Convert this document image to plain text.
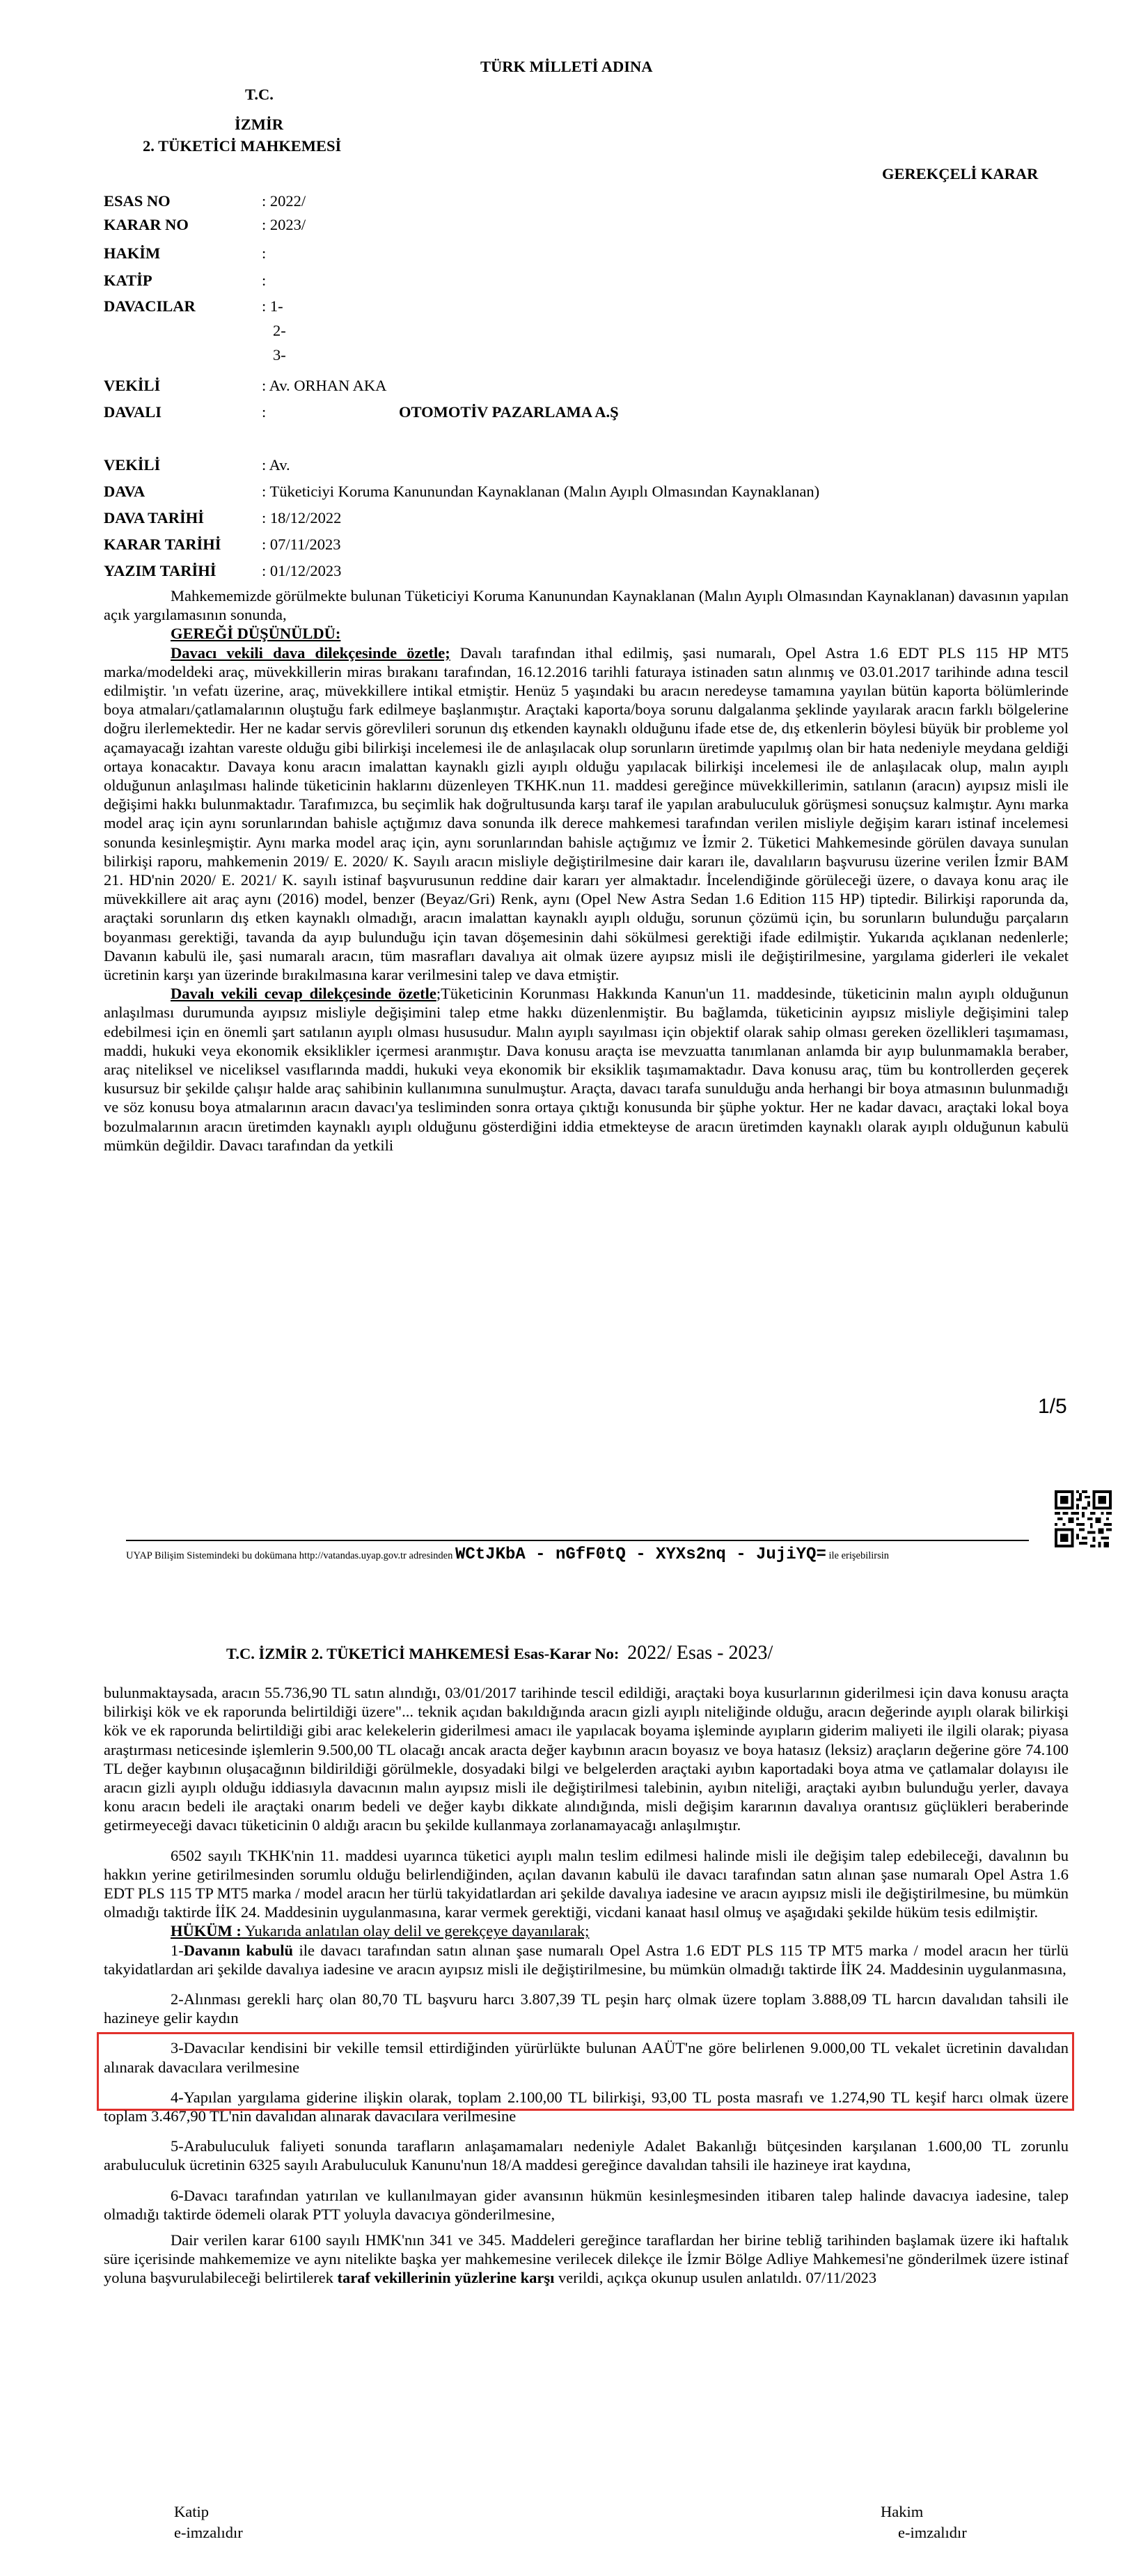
TÜRK MİLLETİ ADINA
T.C.
İZMİR
2. TÜKETİCİ MAHKEMESİ
GEREKÇELİ KARAR
ESAS NO	: 2022/
KARAR NO	: 2023/
HAKİM	:
KATİP	:
DAVACILAR	: 1-
2-
3-
VEKİLİ	: Av. ORHAN AKA
DAVALI	:	OTOMOTİV PAZARLAMA A.Ş
VEKİLİ	: Av.
DAVA	: Tüketiciyi Koruma Kanunundan Kaynaklanan (Malın Ayıplı Olmasından Kaynaklanan)
DAVA TARİHİ	: 18/12/2022
KARAR TARİHİ	: 07/11/2023
YAZIM TARİHİ	: 01/12/2023

Mahkememizde görülmekte bulunan Tüketiciyi Koruma Kanunundan Kaynaklanan (Malın Ayıplı Olmasından Kaynaklanan) davasının yapılan açık yargılamasının sonunda,

GEREĞİ DÜŞÜNÜLDÜ:

Davacı vekili dava dilekçesinde özetle; Davalı tarafından ithal edilmiş, şasi numaralı, Opel Astra 1.6 EDT PLS 115 HP MT5 marka/modeldeki araç, müvekkillerin miras bırakanı tarafından, 16.12.2016 tarihli faturaya istinaden satın alınmış ve 03.01.2017 tarihinde adına tescil edilmiştir. 'ın vefatı üzerine, araç, müvekkillere intikal etmiştir. Henüz 5 yaşındaki bu aracın neredeyse tamamına yayılan bütün kaporta bölümlerinde boya atmaları/çatlamalarının oluştuğu fark edilmeye başlanmıştır. Araçtaki kaporta/boya sorunu dalgalanma şeklinde yayılarak aracın farklı bölgelerine doğru ilerlemektedir. Her ne kadar servis görevlileri sorunun dış etkenden kaynaklı olduğunu ifade etse de, dış etkenlerin böylesi büyük bir probleme yol açamayacağı izahtan vareste olduğu gibi bilirkişi incelemesi ile de anlaşılacak olup sorunların üretimde yapılmış olan bir hata nedeniyle meydana geldiği ortaya konacaktır. Davaya konu aracın imalattan kaynaklı gizli ayıplı olduğu yapılacak bilirkişi incelemesi ile de anlaşılacak olup, malın ayıplı olduğunun anlaşılması halinde tüketicinin haklarını düzenleyen TKHK.nun 11. maddesi gereğince müvekkillerimin, satılanın (aracın) ayıpsız misli ile değişimi hakkı bulunmaktadır. Tarafımızca, bu seçimlik hak doğrultusunda karşı taraf ile yapılan arabuluculuk görüşmesi sonuçsuz kalmıştır. Aynı marka model araç için aynı sorunlarından bahisle açtığımız dava sonunda ilk derece mahkemesi tarafından verilen misliyle değişim kararı istinaf incelemesi sonunda kesinleşmiştir. Aynı marka model araç için, aynı sorunlarından bahisle açtığımız ve İzmir 2. Tüketici Mahkemesinde görülen davaya sunulan bilirkişi raporu, mahkemenin 2019/ E. 2020/ K. Sayılı aracın misliyle değiştirilmesine dair kararı ile, davalıların başvurusu üzerine verilen İzmir BAM 21. HD'nin 2020/ E. 2021/ K. sayılı istinaf başvurusunun reddine dair kararı yer almaktadır. İncelendiğinde görüleceği üzere, o davaya konu araç ile müvekkillere ait araç aynı (2016) model, benzer (Beyaz/Gri) Renk, aynı (Opel New Astra Sedan 1.6 Edition 115 HP) tiptedir. Bilirkişi raporunda da, araçtaki sorunların dış etken kaynaklı olmadığı, aracın imalattan kaynaklı ayıplı olduğu, sorunun çözümü için, bu sorunların bulunduğu parçaların boyanması gerektiği, tavanda da ayıp bulunduğu için tavan döşemesinin dahi sökülmesi gerektiği ifade edilmiştir. Yukarıda açıklanan nedenlerle; Davanın kabulü ile, şasi numaralı aracın, tüm masrafları davalıya ait olmak üzere ayıpsız misli ile değiştirilmesine, yargılama giderleri ile vekalet ücretinin karşı yan üzerinde bırakılmasına karar verilmesini talep ve dava etmiştir.

Davalı vekili cevap dilekçesinde özetle;Tüketicinin Korunması Hakkında Kanun'un 11. maddesinde, tüketicinin malın ayıplı olduğunun anlaşılması durumunda ayıpsız misliyle değişimini talep etme hakkı düzenlenmiştir. Bu bağlamda, tüketicinin ayıpsız misliyle değişimini talep edebilmesi için en önemli şart satılanın ayıplı olması hususudur. Malın ayıplı sayılması için objektif olarak sahip olması gereken özellikleri taşımaması, maddi, hukuki veya ekonomik eksiklikler içermesi aranmıştır. Dava konusu araçta ise mevzuatta tanımlanan anlamda bir ayıp bulunmamakla beraber, araç niteliksel ve niceliksel vasıflarında maddi, hukuki veya ekonomik bir eksiklik taşımamaktadır. Dava konusu araç, tüm bu kontrollerden geçerek kusursuz bir şekilde çalışır halde araç sahibinin kullanımına sunulmuştur. Araçta, davacı tarafa sunulduğu anda herhangi bir boya atmasının bulunmadığı ve söz konusu boya atmalarının aracın davacı'ya tesliminden sonra ortaya çıktığı konusunda bir şüphe yoktur. Her ne kadar davacı, araçtaki lokal boya bozulmalarının aracın üretimden kaynaklı ayıplı olduğunu gösterdiğini iddia etmekteyse de aracın üretimden kaynaklı olarak ayıplı olduğunun kabulü mümkün değildir. Davacı tarafından da yetkili

1/5
UYAP Bilişim Sistemindeki bu dokümana http://vatandas.uyap.gov.tr adresinden WCtJKbA - nGfF0tQ - XYXs2nq - JujiYQ= ile erişebilirsin
T.C. İZMİR 2. TÜKETİCİ MAHKEMESİ Esas-Karar No: 2022/ Esas - 2023/

bulunmaktaysada, aracın 55.736,90 TL satın alındığı, 03/01/2017 tarihinde tescil edildiği, araçtaki boya kusurlarının giderilmesi için dava konusu araçta bilirkişi kök ve ek raporunda belirtildiği üzere"... teknik açıdan bakıldığında aracın gizli ayıplı niteliğinde olduğu, aracın değerinde ayıplı olarak bilirkişi kök ve ek raporunda belirtildiği gibi arac kelekelerin giderilmesi amacı ile yapılacak boyama işleminde ayıpların giderim maliyeti ile ilgili olarak; piyasa araştırması neticesinde işlemlerin 9.500,00 TL olacağı ancak aracta değer kaybının aracın boyasız ve boya hatasız (leksiz) araçların değerine göre 74.100 TL değer kaybının oluşacağının bildirildiği görülmekle, dosyadaki bilgi ve belgelerden araçtaki ayıbın kaportadaki boya atma ve çatlamalar dolayısı ile aracın gizli ayıplı olduğu iddiasıyla davacının malın ayıpsız misli ile değiştirilmesi talebinin, ayıbın niteliği, araçtaki ayıbın bulunduğu yerler, davaya konu aracın bedeli ile araçtaki onarım bedeli ve değer kaybı dikkate alındığında, misli değişim kararının davalıya orantısız güçlükleri beraberinde getirmeyeceği davacı tüketicinin 0 aldığı aracın bu şekilde kullanmaya zorlanamayacağı anlaşılmıştır.

6502 sayılı TKHK'nin 11. maddesi uyarınca tüketici ayıplı malın teslim edilmesi halinde misli ile değişim talep edebileceği, davalının bu hakkın yerine getirilmesinden sorumlu olduğu belirlendiğinden, açılan davanın kabulü ile davacı tarafından satın alınan şase numaralı Opel Astra 1.6 EDT PLS 115 TP MT5 marka / model aracın her türlü takyidatlardan ari şekilde davalıya iadesine ve aracın ayıpsız misli ile değiştirilmesine, bu mümkün olmadığı taktirde İİK 24. Maddesinin uygulanmasına, karar vermek gerektiği, vicdani kanaat hasıl olmuş ve aşağıdaki şekilde hüküm tesis edilmiştir.

HÜKÜM : Yukarıda anlatılan olay delil ve gerekçeye dayanılarak;

1-Davanın kabulü ile davacı tarafından satın alınan şase numaralı Opel Astra 1.6 EDT PLS 115 TP MT5 marka / model aracın her türlü takyidatlardan ari şekilde davalıya iadesine ve aracın ayıpsız misli ile değiştirilmesine, bu mümkün olmadığı taktirde İİK 24. Maddesinin uygulanmasına,

2-Alınması gerekli harç olan 80,70 TL başvuru harcı 3.807,39 TL peşin harç olmak üzere toplam 3.888,09 TL harcın davalıdan tahsili ile hazineye gelir kaydın

3-Davacılar kendisini bir vekille temsil ettirdiğinden yürürlükte bulunan AAÜT'ne göre belirlenen 9.000,00 TL vekalet ücretinin davalıdan alınarak davacılara verilmesine

4-Yapılan yargılama giderine ilişkin olarak, toplam 2.100,00 TL bilirkişi, 93,00 TL posta masrafı ve 1.274,90 TL keşif harcı olmak üzere toplam 3.467,90 TL'nin davalıdan alınarak davacılara verilmesine

5-Arabuluculuk faliyeti sonunda tarafların anlaşamamaları nedeniyle Adalet Bakanlığı bütçesinden karşılanan 1.600,00 TL zorunlu arabuluculuk ücretinin 6325 sayılı Arabuluculuk Kanunu'nun 18/A maddesi gereğince davalıdan tahsili ile hazineye irat kaydına,

6-Davacı tarafından yatırılan ve kullanılmayan gider avansının hükmün kesinleşmesinden itibaren talep halinde davacıya iadesine, talep olmadığı taktirde ödemeli olarak PTT yoluyla davacıya gönderilmesine,

Dair verilen karar 6100 sayılı HMK'nın 341 ve 345. Maddeleri gereğince taraflardan her birine tebliğ tarihinden başlamak üzere iki haftalık süre içerisinde mahkememize ve aynı nitelikte başka yer mahkemesine verilecek dilekçe ile İzmir Bölge Adliye Mahkemesi'ne gönderilmek üzere istinaf yoluna başvurulabileceği belirtilerek taraf vekillerinin yüzlerine karşı verildi, açıkça okunup usulen anlatıldı. 07/11/2023

Katip
e-imzalıdır
Hakim
e-imzalıdır
